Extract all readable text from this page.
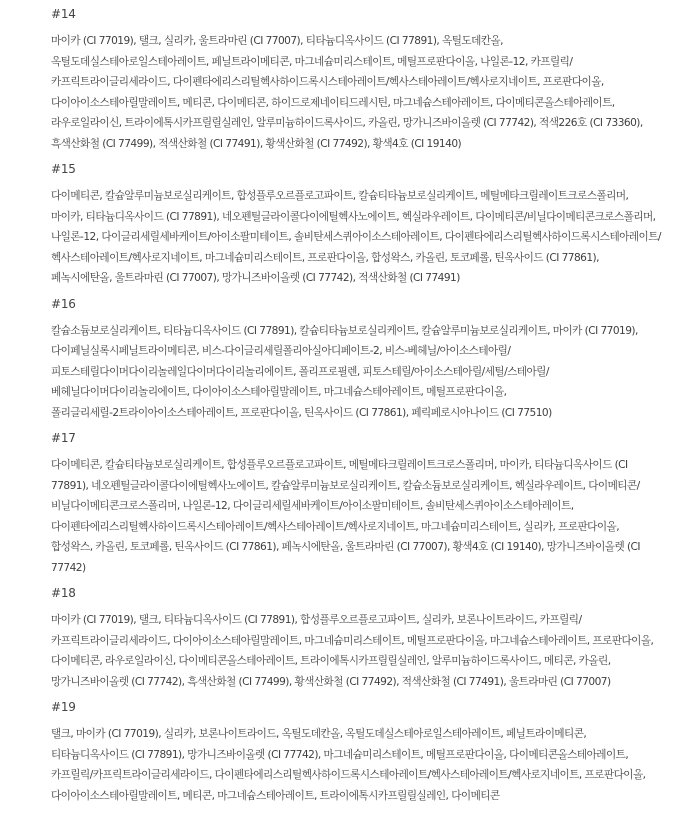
#14
마이카 (CI 77019), 탤크, 실리카, 울트라마린 (CI 77007), 티타늄디옥사이드 (CI 77891), 옥틸도데칸올, 옥틸도데실스테아로일스테아레이트, 페닐트라이메티콘, 마그네슘미리스테이트, 메틸프로판다이올, 나일론-12, 카프릴릭/카프릭트라이글리세라이드, 다이펜타에리스리틸헥사하이드록시스테아레이트/헥사스테아레이트/헥사로지네이트, 프로판다이올, 다이아이소스테아릴말레이트, 메티콘, 다이메티콘, 하이드로제네이티드레시틴, 마그네슘스테아레이트, 다이메티콘올스테아레이트, 라우로일라이신, 트라이에톡시카프릴릴실레인, 알루미늄하이드록사이드, 카올린, 망가니즈바이올렛 (CI 77742), 적색226호 (CI 73360), 흑색산화철 (CI 77499), 적색산화철 (CI 77491), 황색산화철 (CI 77492), 황색4호 (CI 19140)
#15
다이메티콘, 칼슘알루미늄보로실리케이트, 합성플루오르플로고파이트, 칼슘티타늄보로실리케이트, 메틸메타크릴레이트크로스폴리머, 마이카, 티타늄디옥사이드 (CI 77891), 네오펜틸글라이콜다이에틸헥사노에이트, 헥실라우레이트, 다이메티콘/비닐다이메티콘크로스폴리머, 나일론-12, 다이글리세릴세바케이트/아이소팔미테이트, 솔비탄세스퀴아이소스테아레이트, 다이펜타에리스리틸헥사하이드록시스테아레이트/헥사스테아레이트/헥사로지네이트, 마그네슘미리스테이트, 프로판다이올, 합성왁스, 카올린, 토코페롤, 틴옥사이드 (CI 77861), 페녹시에탄올, 울트라마린 (CI 77007), 망가니즈바이올렛 (CI 77742), 적색산화철 (CI 77491)
#16
칼슘소듐보로실리케이트, 티타늄디옥사이드 (CI 77891), 칼슘티타늄보로실리케이트, 칼슘알루미늄보로실리케이트, 마이카 (CI 77019), 다이페닐실록시페닐트라이메티콘, 비스-다이글리세릴폴리아실아디페이트-2, 비스-베헤닐/아이소스테아릴/피토스테릴다이머다이리놀레일다이머다이리놀리에이트, 폴리프로필렌, 피토스테릴/아이소스테아릴/세틸/스테아릴/베헤닐다이머다이리놀리에이트, 다이아이소스테아릴말레이트, 마그네슘스테아레이트, 메틸프로판다이올, 폴리글리세릴-2트라이아이소스테아레이트, 프로판다이올, 틴옥사이드 (CI 77861), 페릭페로시아나이드 (CI 77510)
#17
다이메티콘, 칼슘티타늄보로실리케이트, 합성플루오르플로고파이트, 메틸메타크릴레이트크로스폴리머, 마이카, 티타늄디옥사이드 (CI 77891), 네오펜틸글라이콜다이에틸헥사노에이트, 칼슘알루미늄보로실리케이트, 칼슘소듐보로실리케이트, 헥실라우레이트, 다이메티콘/비닐다이메티콘크로스폴리머, 나일론-12, 다이글리세릴세바케이트/아이소팔미테이트, 솔비탄세스퀴아이소스테아레이트, 다이펜타에리스리틸헥사하이드록시스테아레이트/헥사스테아레이트/헥사로지네이트, 마그네슘미리스테이트, 실리카, 프로판다이올, 합성왁스, 카올린, 토코페롤, 틴옥사이드 (CI 77861), 페녹시에탄올, 울트라마린 (CI 77007), 황색4호 (CI 19140), 망가니즈바이올렛 (CI 77742)
#18
마이카 (CI 77019), 탤크, 티타늄디옥사이드 (CI 77891), 합성플루오르플로고파이트, 실리카, 보론나이트라이드, 카프릴릭/카프릭트라이글리세라이드, 다이아이소스테아릴말레이트, 마그네슘미리스테이트, 메틸프로판다이올, 마그네슘스테아레이트, 프로판다이올, 다이메티콘, 라우로일라이신, 다이메티콘올스테아레이트, 트라이에톡시카프릴릴실레인, 알루미늄하이드록사이드, 메티콘, 카올린, 망가니즈바이올렛 (CI 77742), 흑색산화철 (CI 77499), 황색산화철 (CI 77492), 적색산화철 (CI 77491), 울트라마린 (CI 77007)
#19
탤크, 마이카 (CI 77019), 실리카, 보론나이트라이드, 옥틸도데칸올, 옥틸도데실스테아로일스테아레이트, 페닐트라이메티콘, 티타늄디옥사이드 (CI 77891), 망가니즈바이올렛 (CI 77742), 마그네슘미리스테이트, 메틸프로판다이올, 다이메티콘올스테아레이트, 카프릴릭/카프릭트라이글리세라이드, 다이펜타에리스리틸헥사하이드록시스테아레이트/헥사스테아레이트/헥사로지네이트, 프로판다이올, 다이아이소스테아릴말레이트, 메티콘, 마그네슘스테아레이트, 트라이에톡시카프릴릴실레인, 다이메티콘
